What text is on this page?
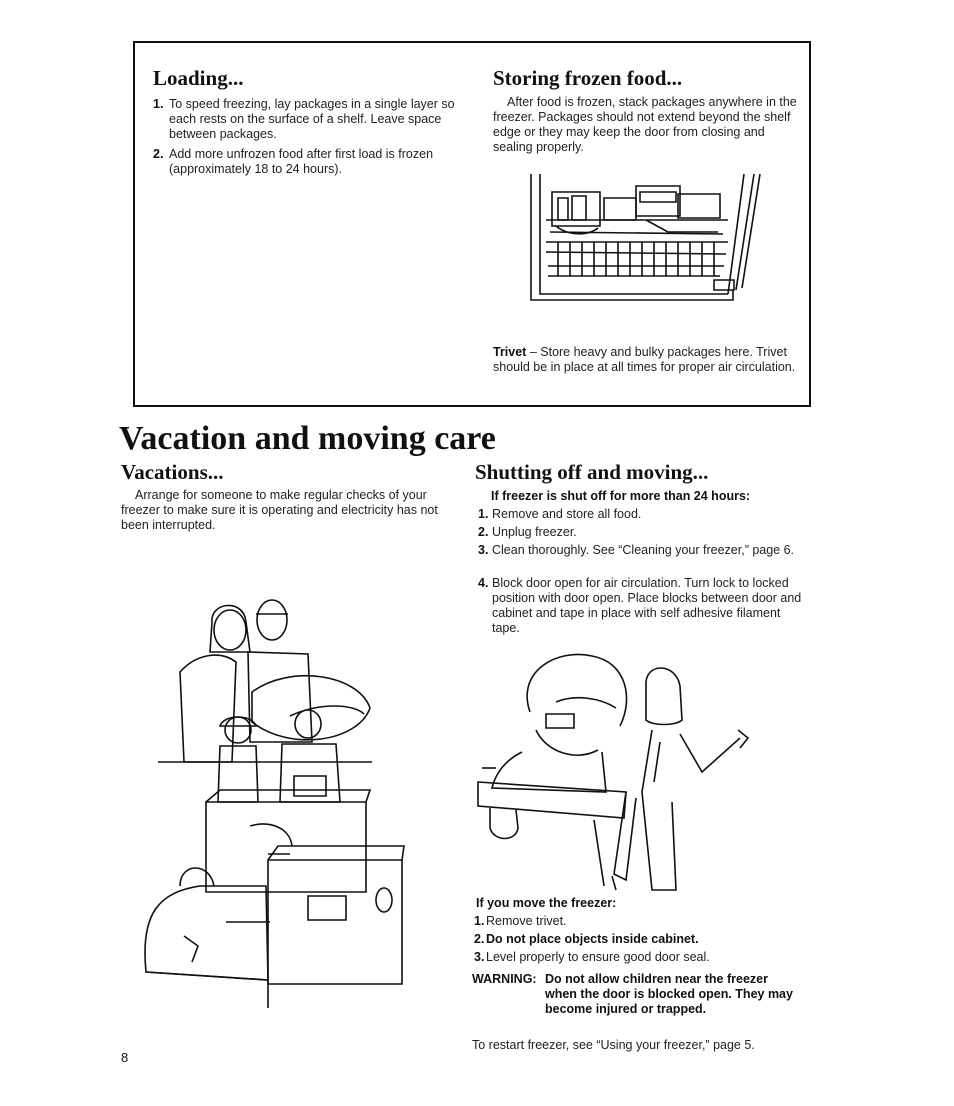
Loading...
1. To speed freezing, lay packages in a single layer so each rests on the surface of a shelf. Leave space between packages.
2. Add more unfrozen food after first load is frozen (approximately 18 to 24 hours).
Storing frozen food...
After food is frozen, stack packages anywhere in the freezer. Packages should not extend beyond the shelf edge or they may keep the door from closing and sealing properly.
Trivet – Store heavy and bulky packages here. Trivet should be in place at all times for proper air circulation.
Vacation and moving care
Vacations...
Arrange for someone to make regular checks of your freezer to make sure it is operating and electricity has not been interrupted.
Shutting off and moving...
If freezer is shut off for more than 24 hours:
1. Remove and store all food.
2. Unplug freezer.
3. Clean thoroughly. See “Cleaning your freezer,” page 6.
4. Block door open for air circulation. Turn lock to locked position with door open. Place blocks between door and cabinet and tape in place with self adhesive filament tape.
If you move the freezer:
1. Remove trivet.
2. Do not place objects inside cabinet.
3. Level properly to ensure good door seal.
WARNING: Do not allow children near the freezer when the door is blocked open. They may become injured or trapped.
To restart freezer, see “Using your freezer,” page 5.
8
